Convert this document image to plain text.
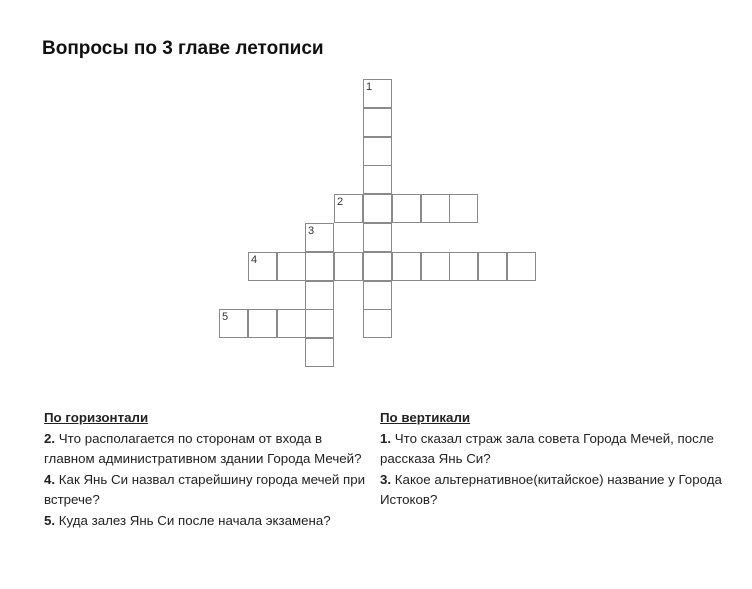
Вопросы по 3 главе летописи
1
2
3
4
5
По горизонтали
2. Что располагается по сторонам от входа в главном административном здании Города Мечей?
4. Как Янь Си назвал старейшину города мечей при встрече?
5. Куда залез Янь Си после начала экзамена?
По вертикали
1. Что сказал страж зала совета Города Мечей, после рассказа Янь Си?
3. Какое альтернативное(китайское) название у Города Истоков?
